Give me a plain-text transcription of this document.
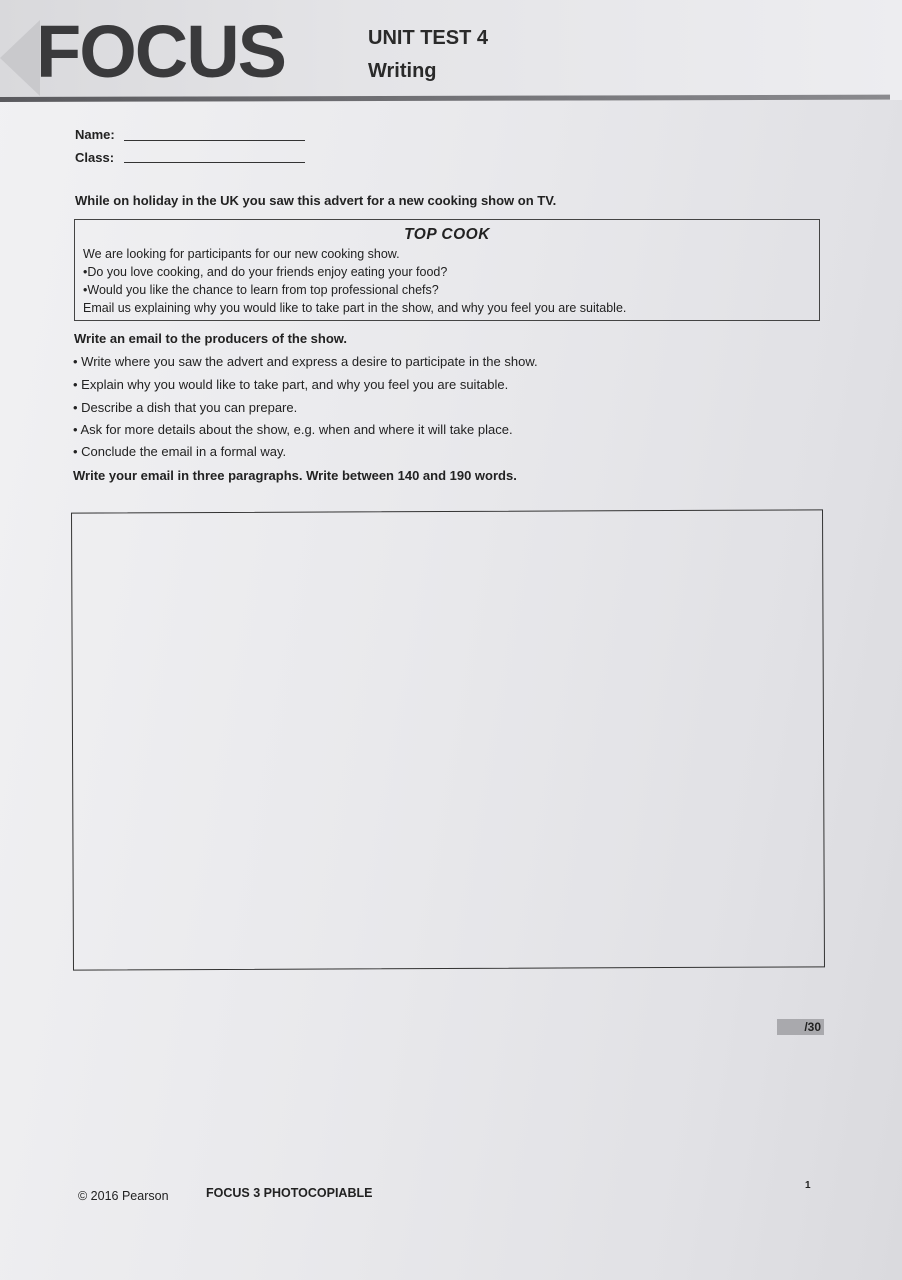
FOCUS	UNIT TEST 4
Writing
Name:
Class:
While on holiday in the UK you saw this advert for a new cooking show on TV.
TOP COOK
We are looking for participants for our new cooking show.
•Do you love cooking, and do your friends enjoy eating your food?
•Would you like the chance to learn from top professional chefs?
Email us explaining why you would like to take part in the show, and why you feel you are suitable.
Write an email to the producers of the show.
• Write where you saw the advert and express a desire to participate in the show.
• Explain why you would like to take part, and why you feel you are suitable.
• Describe a dish that you can prepare.
• Ask for more details about the show, e.g. when and where it will take place.
• Conclude the email in a formal way.
Write your email in three paragraphs. Write between 140 and 190 words.
/30
© 2016 Pearson	FOCUS 3 PHOTOCOPIABLE
1
